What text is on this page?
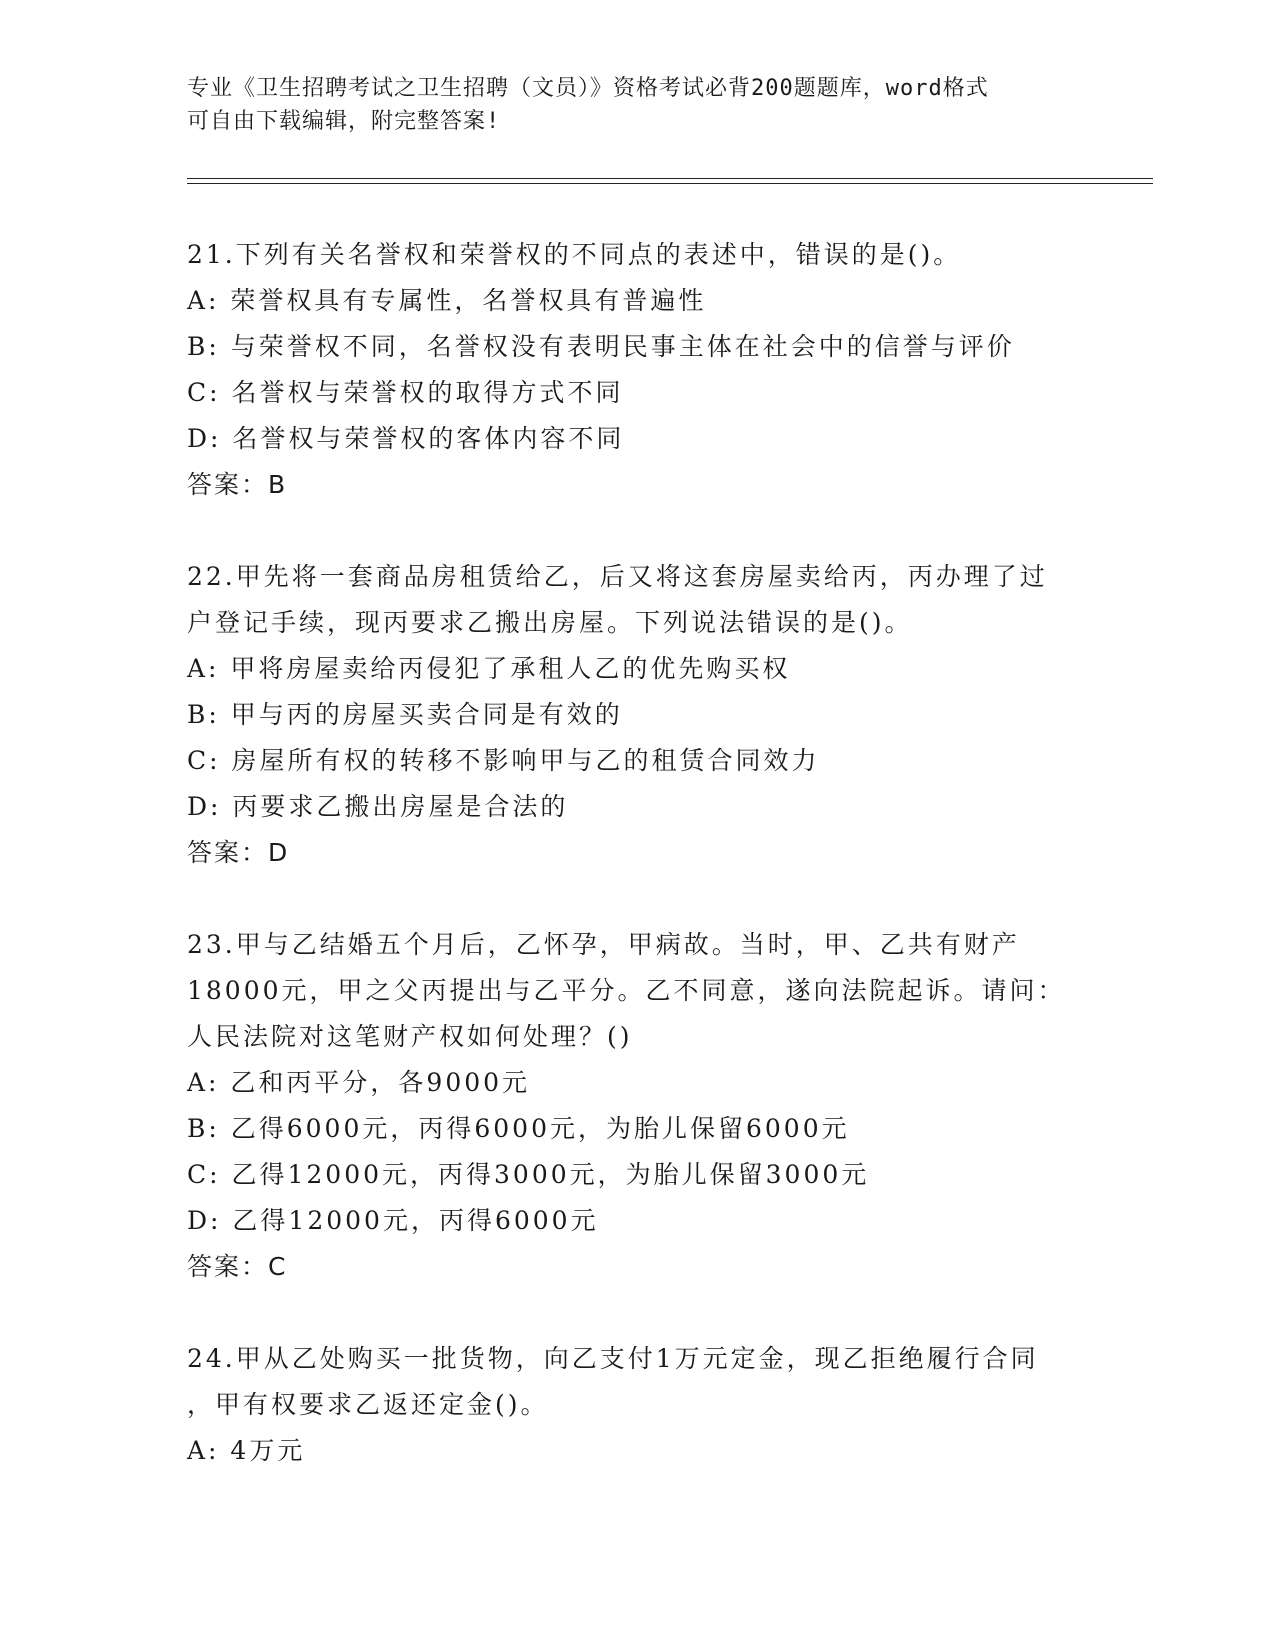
专业《卫生招聘考试之卫生招聘（文员）》资格考试必背200题题库，word格式
可自由下载编辑，附完整答案!
21.下列有关名誉权和荣誉权的不同点的表述中，错误的是()。
A: 荣誉权具有专属性，名誉权具有普遍性
B: 与荣誉权不同，名誉权没有表明民事主体在社会中的信誉与评价
C: 名誉权与荣誉权的取得方式不同
D: 名誉权与荣誉权的客体内容不同
答案：B
22.甲先将一套商品房租赁给乙，后又将这套房屋卖给丙，丙办理了过
户登记手续，现丙要求乙搬出房屋。下列说法错误的是()。
A: 甲将房屋卖给丙侵犯了承租人乙的优先购买权
B: 甲与丙的房屋买卖合同是有效的
C: 房屋所有权的转移不影响甲与乙的租赁合同效力
D: 丙要求乙搬出房屋是合法的
答案：D
23.甲与乙结婚五个月后，乙怀孕，甲病故。当时，甲、乙共有财产
18000元，甲之父丙提出与乙平分。乙不同意，遂向法院起诉。请问：
人民法院对这笔财产权如何处理？()
A: 乙和丙平分，各9000元
B: 乙得6000元，丙得6000元，为胎儿保留6000元
C: 乙得12000元，丙得3000元，为胎儿保留3000元
D: 乙得12000元，丙得6000元
答案：C
24.甲从乙处购买一批货物，向乙支付1万元定金，现乙拒绝履行合同
，甲有权要求乙返还定金()。
A: 4万元
